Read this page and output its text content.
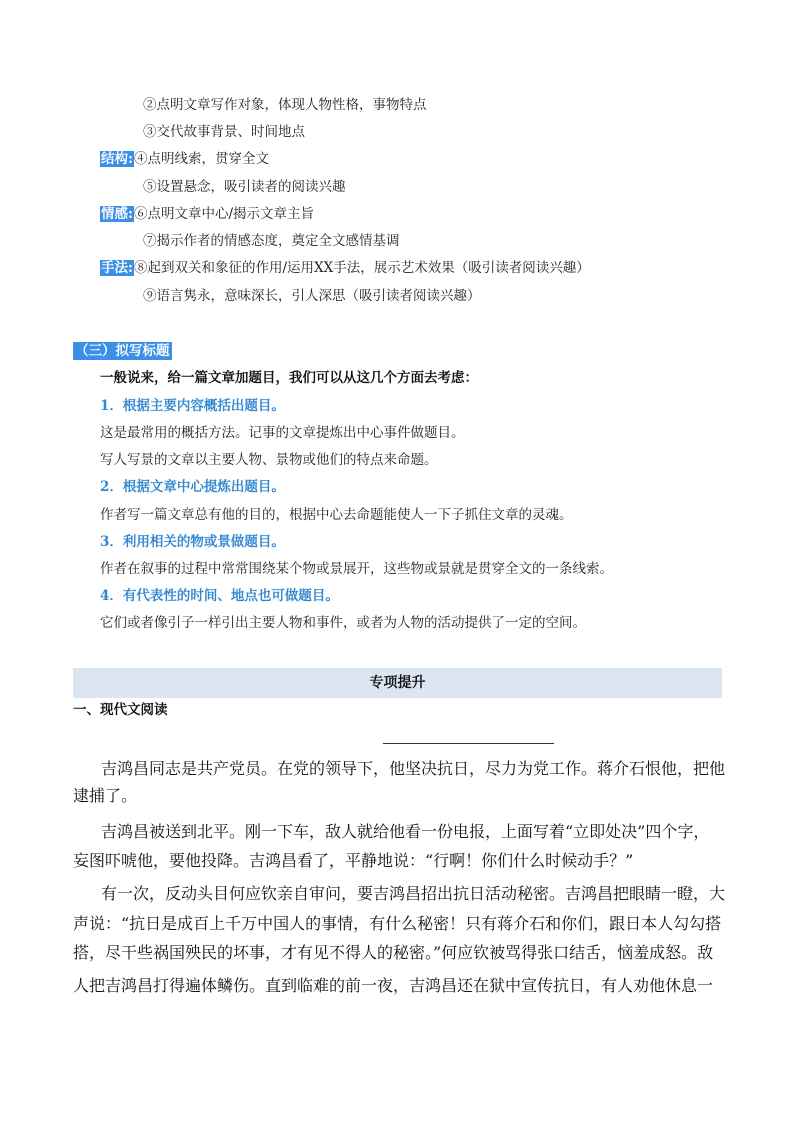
②点明文章写作对象，体现人物性格，事物特点
③交代故事背景、时间地点
结构:④点明线索，贯穿全文
⑤设置悬念，吸引读者的阅读兴趣
情感:⑥点明文章中心/揭示文章主旨
⑦揭示作者的情感态度，奠定全文感情基调
手法:⑧起到双关和象征的作用/运用XX手法，展示艺术效果（吸引读者阅读兴趣）
⑨语言隽永，意味深长，引人深思（吸引读者阅读兴趣）
（三）拟写标题
一般说来，给一篇文章加题目，我们可以从这几个方面去考虑：
1．根据主要内容概括出题目。
这是最常用的概括方法。记事的文章提炼出中心事件做题目。
写人写景的文章以主要人物、景物或他们的特点来命题。
2．根据文章中心提炼出题目。
作者写一篇文章总有他的目的，根据中心去命题能使人一下子抓住文章的灵魂。
3．利用相关的物或景做题目。
作者在叙事的过程中常常围绕某个物或景展开，这些物或景就是贯穿全文的一条线索。
4．有代表性的时间、地点也可做题目。
它们或者像引子一样引出主要人物和事件，或者为人物的活动提供了一定的空间。
专项提升
一、现代文阅读
吉鸿昌同志是共产党员。在党的领导下，他坚决抗日，尽力为党工作。蒋介石恨他，把他
逮捕了。
吉鸿昌被送到北平。刚一下车，敌人就给他看一份电报，上面写着“立即处决”四个字，
妄图吓唬他，要他投降。吉鸿昌看了，平静地说：“行啊！你们什么时候动手？”
有一次，反动头目何应钦亲自审问，要吉鸿昌招出抗日活动秘密。吉鸿昌把眼睛一瞪，大
声说：“抗日是成百上千万中国人的事情，有什么秘密！只有蒋介石和你们，跟日本人勾勾搭
搭，尽干些祸国殃民的坏事，才有见不得人的秘密。”何应钦被骂得张口结舌，恼羞成怒。敌
人把吉鸿昌打得遍体鳞伤。直到临难的前一夜，吉鸿昌还在狱中宣传抗日，有人劝他休息一
